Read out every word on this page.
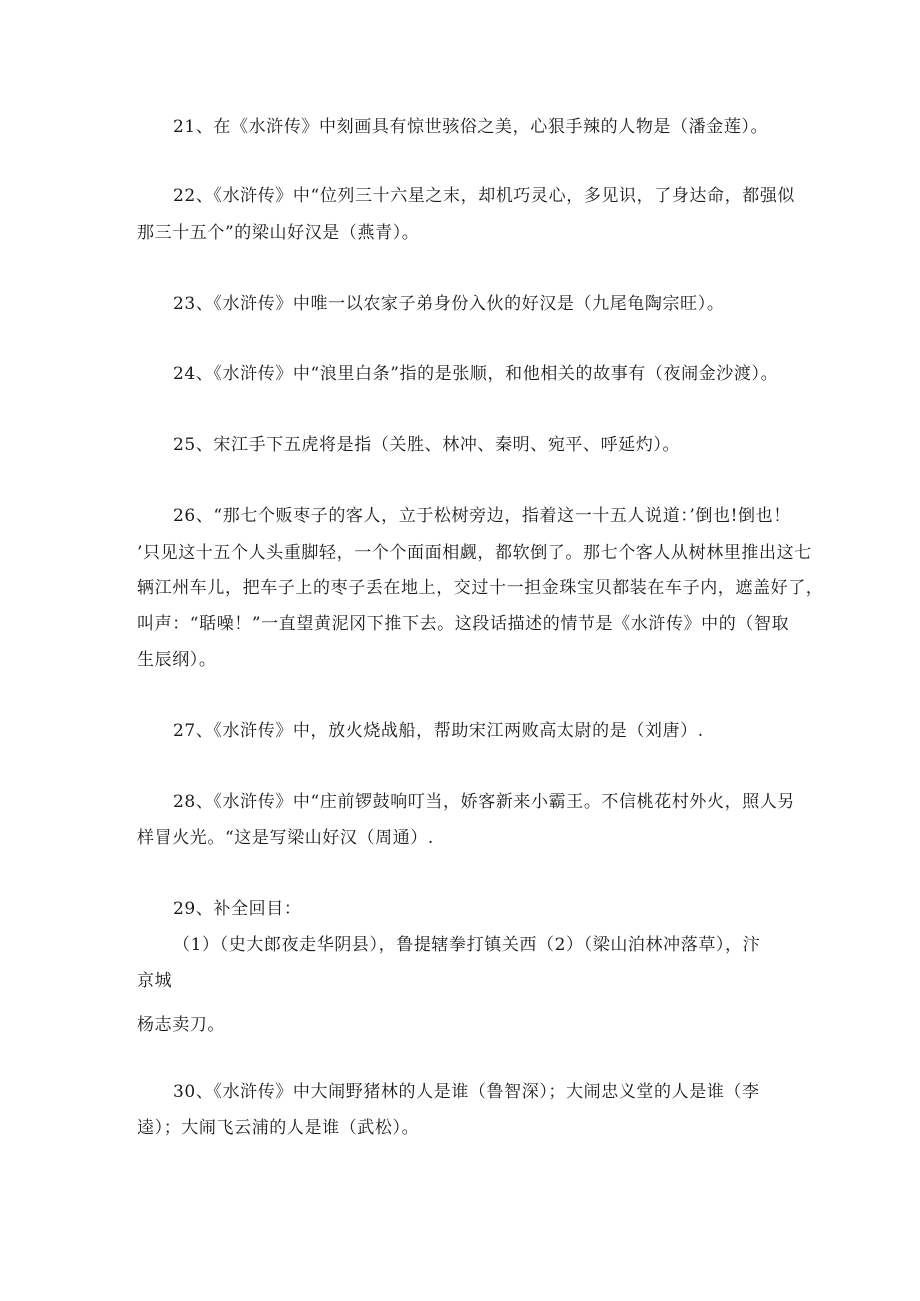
21、在《水浒传》中刻画具有惊世骇俗之美，心狠手辣的人物是（潘金莲）。
22、《水浒传》中“位列三十六星之末，却机巧灵心，多见识，了身达命，都强似
那三十五个”的梁山好汉是（燕青）。
23、《水浒传》中唯一以农家子弟身份入伙的好汉是（九尾龟陶宗旺）。
24、《水浒传》中“浪里白条”指的是张顺，和他相关的故事有（夜闹金沙渡）。
25、宋江手下五虎将是指（关胜、林冲、秦明、宛平、呼延灼）。
26、“那七个贩枣子的客人，立于松树旁边，指着这一十五人说道：’倒也!倒也！
’只见这十五个人头重脚轻，一个个面面相觑，都软倒了。那七个客人从树林里推出这七
辆江州车儿，把车子上的枣子丢在地上，交过十一担金珠宝贝都装在车子内，遮盖好了，
叫声：“聒噪！”一直望黄泥冈下推下去。这段话描述的情节是《水浒传》中的（智取
生辰纲）。
27、《水浒传》中，放火烧战船，帮助宋江两败高太尉的是（刘唐）.
28、《水浒传》中“庄前锣鼓响叮当，娇客新来小霸王。不信桃花村外火，照人另
样冒火光。“这是写梁山好汉（周通）.
29、补全回目：
（1）（史大郎夜走华阴县），鲁提辖拳打镇关西（2）（梁山泊林冲落草），汴
京城
杨志卖刀。
30、《水浒传》中大闹野猪林的人是谁（鲁智深）；大闹忠义堂的人是谁（李
逵）；大闹飞云浦的人是谁（武松）。
